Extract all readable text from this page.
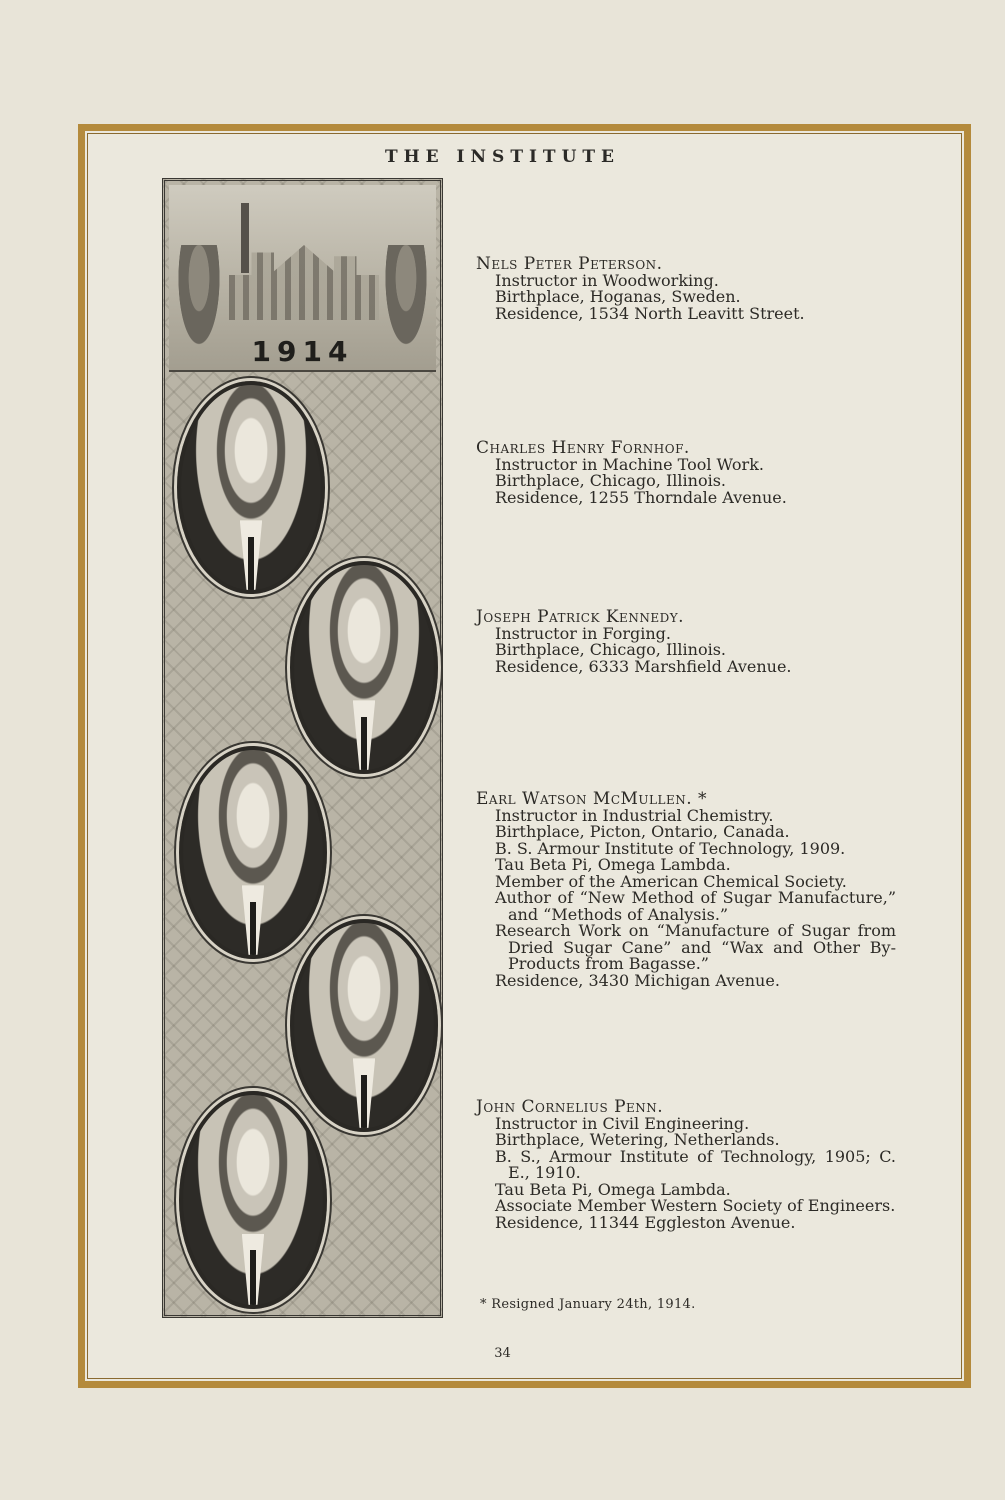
THE INSTITUTE
1914

Nels Peter Peterson.

Instructor in Woodworking.

Birthplace, Hoganas, Sweden.

Residence, 1534 North Leavitt Street.

Charles Henry Fornhof.

Instructor in Machine Tool Work.

Birthplace, Chicago, Illinois.

Residence, 1255 Thorndale Avenue.

Joseph Patrick Kennedy.

Instructor in Forging.

Birthplace, Chicago, Illinois.

Residence, 6333 Marshfield Avenue.

Earl Watson McMullen. *

Instructor in Industrial Chemistry.

Birthplace, Picton, Ontario, Canada.

B. S. Armour Institute of Technology, 1909.

Tau Beta Pi, Omega Lambda.

Member of the American Chemical Society.

Author of “New Method of Sugar Manufacture,” and “Methods of Analysis.”

Research Work on “Manufacture of Sugar from Dried Sugar Cane” and “Wax and Other By-Products from Bagasse.”

Residence, 3430 Michigan Avenue.

John Cornelius Penn.

Instructor in Civil Engineering.

Birthplace, Wetering, Netherlands.

B. S., Armour Institute of Technology, 1905; C. E., 1910.

Tau Beta Pi, Omega Lambda.

Associate Member Western Society of Engineers.

Residence, 11344 Eggleston Avenue.

* Resigned January 24th, 1914.
34
